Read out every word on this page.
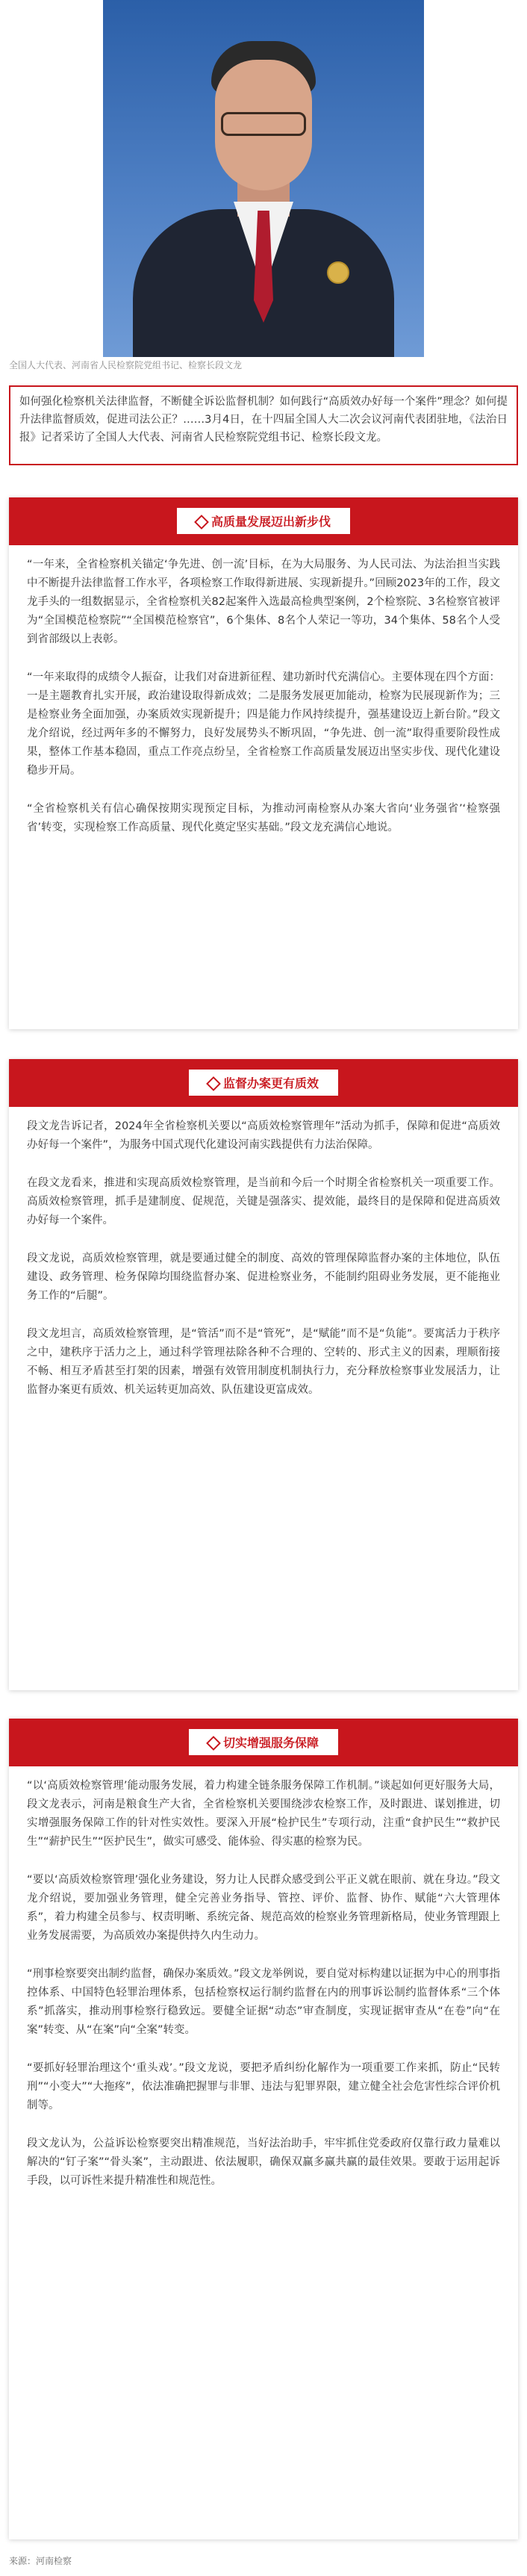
全国人大代表、河南省人民检察院党组书记、检察长段文龙
如何强化检察机关法律监督，不断健全诉讼监督机制？如何践行“高质效办好每一个案件”理念？如何提升法律监督质效，促进司法公正？……3月4日，在十四届全国人大二次会议河南代表团驻地，《法治日报》记者采访了全国人大代表、河南省人民检察院党组书记、检察长段文龙。
高质量发展迈出新步伐

“一年来，全省检察机关锚定‘争先进、创一流’目标，在为大局服务、为人民司法、为法治担当实践中不断提升法律监督工作水平，各项检察工作取得新进展、实现新提升。”回顾2023年的工作，段文龙手头的一组数据显示，全省检察机关82起案件入选最高检典型案例，2个检察院、3名检察官被评为“全国模范检察院”“全国模范检察官”，6个集体、8名个人荣记一等功，34个集体、58名个人受到省部级以上表彰。

“一年来取得的成绩令人振奋，让我们对奋进新征程、建功新时代充满信心。主要体现在四个方面：一是主题教育扎实开展，政治建设取得新成效；二是服务发展更加能动，检察为民展现新作为；三是检察业务全面加强，办案质效实现新提升；四是能力作风持续提升，强基建设迈上新台阶。”段文龙介绍说，经过两年多的不懈努力，良好发展势头不断巩固，“争先进、创一流”取得重要阶段性成果，整体工作基本稳固，重点工作亮点纷呈，全省检察工作高质量发展迈出坚实步伐、现代化建设稳步开局。

“全省检察机关有信心确保按期实现预定目标，为推动河南检察从办案大省向‘业务强省’‘检察强省’转变，实现检察工作高质量、现代化奠定坚实基础。”段文龙充满信心地说。

监督办案更有质效

段文龙告诉记者，2024年全省检察机关要以“高质效检察管理年”活动为抓手，保障和促进“高质效办好每一个案件”，为服务中国式现代化建设河南实践提供有力法治保障。

在段文龙看来，推进和实现高质效检察管理，是当前和今后一个时期全省检察机关一项重要工作。高质效检察管理，抓手是建制度、促规范，关键是强落实、提效能，最终目的是保障和促进高质效办好每一个案件。

段文龙说，高质效检察管理，就是要通过健全的制度、高效的管理保障监督办案的主体地位，队伍建设、政务管理、检务保障均围绕监督办案、促进检察业务，不能制约阻碍业务发展，更不能拖业务工作的“后腿”。

段文龙坦言，高质效检察管理，是“管活”而不是“管死”，是“赋能”而不是“负能”。要寓活力于秩序之中，建秩序于活力之上，通过科学管理祛除各种不合理的、空转的、形式主义的因素，理顺衔接不畅、相互矛盾甚至打架的因素，增强有效管用制度机制执行力，充分释放检察事业发展活力，让监督办案更有质效、机关运转更加高效、队伍建设更富成效。

切实增强服务保障

“以‘高质效检察管理’能动服务发展，着力构建全链条服务保障工作机制。”谈起如何更好服务大局，段文龙表示，河南是粮食生产大省，全省检察机关要围绕涉农检察工作，及时跟进、谋划推进，切实增强服务保障工作的针对性实效性。要深入开展“检护民生”专项行动，注重“食护民生”“救护民生”“薪护民生”“医护民生”，做实可感受、能体验、得实惠的检察为民。

“要以‘高质效检察管理’强化业务建设，努力让人民群众感受到公平正义就在眼前、就在身边。”段文龙介绍说，要加强业务管理，健全完善业务指导、管控、评价、监督、协作、赋能“六大管理体系”，着力构建全员参与、权责明晰、系统完备、规范高效的检察业务管理新格局，使业务管理跟上业务发展需要，为高质效办案提供持久内生动力。

“刑事检察要突出制约监督，确保办案质效。”段文龙举例说，要自觉对标构建以证据为中心的刑事指控体系、中国特色轻罪治理体系，包括检察权运行制约监督在内的刑事诉讼制约监督体系“三个体系”抓落实，推动刑事检察行稳致远。要健全证据“动态”审查制度，实现证据审查从“在卷”向“在案”转变、从“在案”向“全案”转变。

“要抓好轻罪治理这个‘重头戏’。”段文龙说，要把矛盾纠纷化解作为一项重要工作来抓，防止“民转刑”“小变大”“大拖疼”，依法准确把握罪与非罪、违法与犯罪界限，建立健全社会危害性综合评价机制等。

段文龙认为，公益诉讼检察要突出精准规范，当好法治助手，牢牢抓住党委政府仅靠行政力量难以解决的“钉子案”“骨头案”，主动跟进、依法履职，确保双赢多赢共赢的最佳效果。要敢于运用起诉手段，以可诉性来提升精准性和规范性。

来源：河南检察
